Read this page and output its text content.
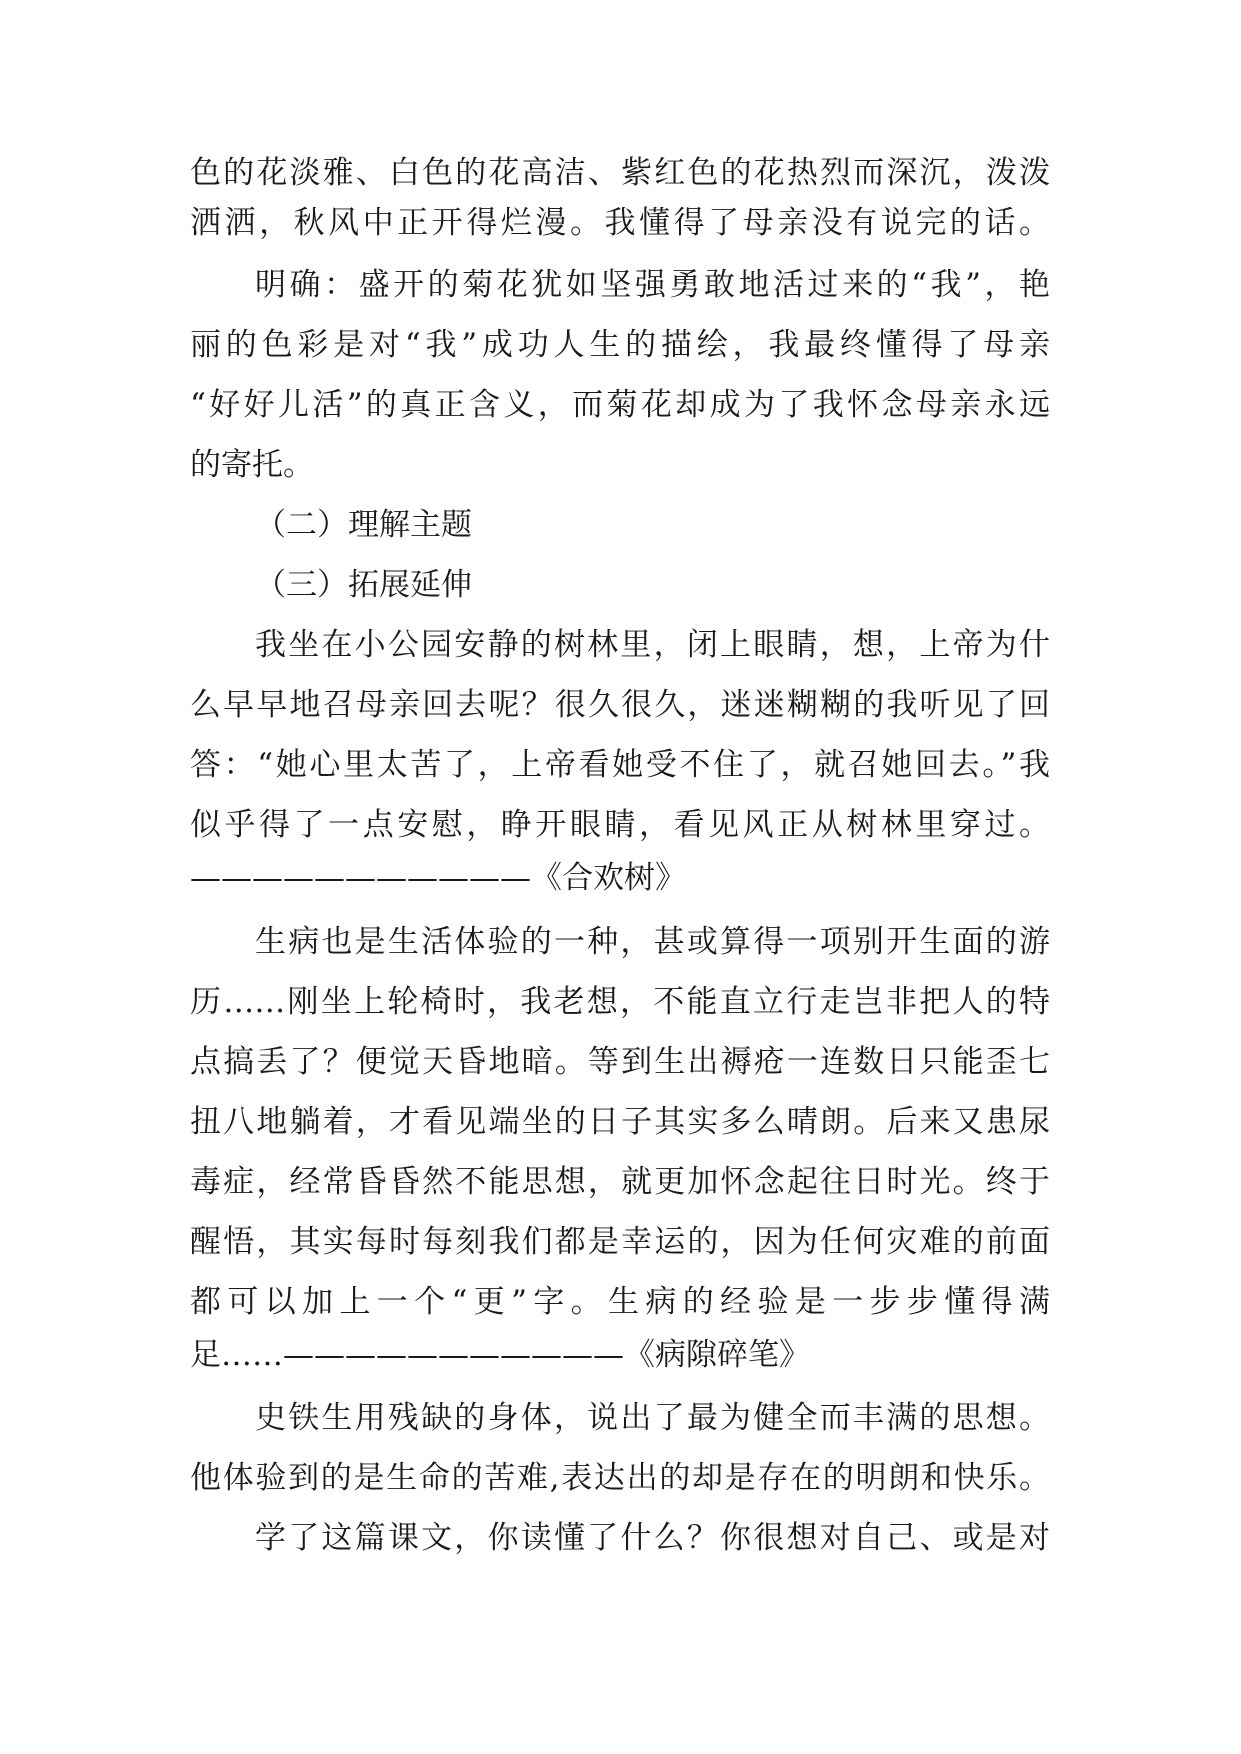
色的花淡雅、白色的花高洁、紫红色的花热烈而深沉，泼泼
洒洒，秋风中正开得烂漫。我懂得了母亲没有说完的话。
明确：盛开的菊花犹如坚强勇敢地活过来的“我”，艳
丽的色彩是对“我”成功人生的描绘，我最终懂得了母亲
“好好儿活”的真正含义，而菊花却成为了我怀念母亲永远
的寄托。
（二）理解主题
（三）拓展延伸
我坐在小公园安静的树林里，闭上眼睛，想，上帝为什
么早早地召母亲回去呢？很久很久，迷迷糊糊的我听见了回
答：“她心里太苦了，上帝看她受不住了，就召她回去。”我
似乎得了一点安慰，睁开眼睛，看见风正从树林里穿过。
———————————《合欢树》
生病也是生活体验的一种，甚或算得一项别开生面的游
历……刚坐上轮椅时，我老想，不能直立行走岂非把人的特
点搞丢了？便觉天昏地暗。等到生出褥疮一连数日只能歪七
扭八地躺着，才看见端坐的日子其实多么晴朗。后来又患尿
毒症，经常昏昏然不能思想，就更加怀念起往日时光。终于
醒悟，其实每时每刻我们都是幸运的，因为任何灾难的前面
都可以加上一个“更”字。生病的经验是一步步懂得满
足……———————————《病隙碎笔》
史铁生用残缺的身体，说出了最为健全而丰满的思想。
他体验到的是生命的苦难,表达出的却是存在的明朗和快乐。
学了这篇课文，你读懂了什么？你很想对自己、或是对
